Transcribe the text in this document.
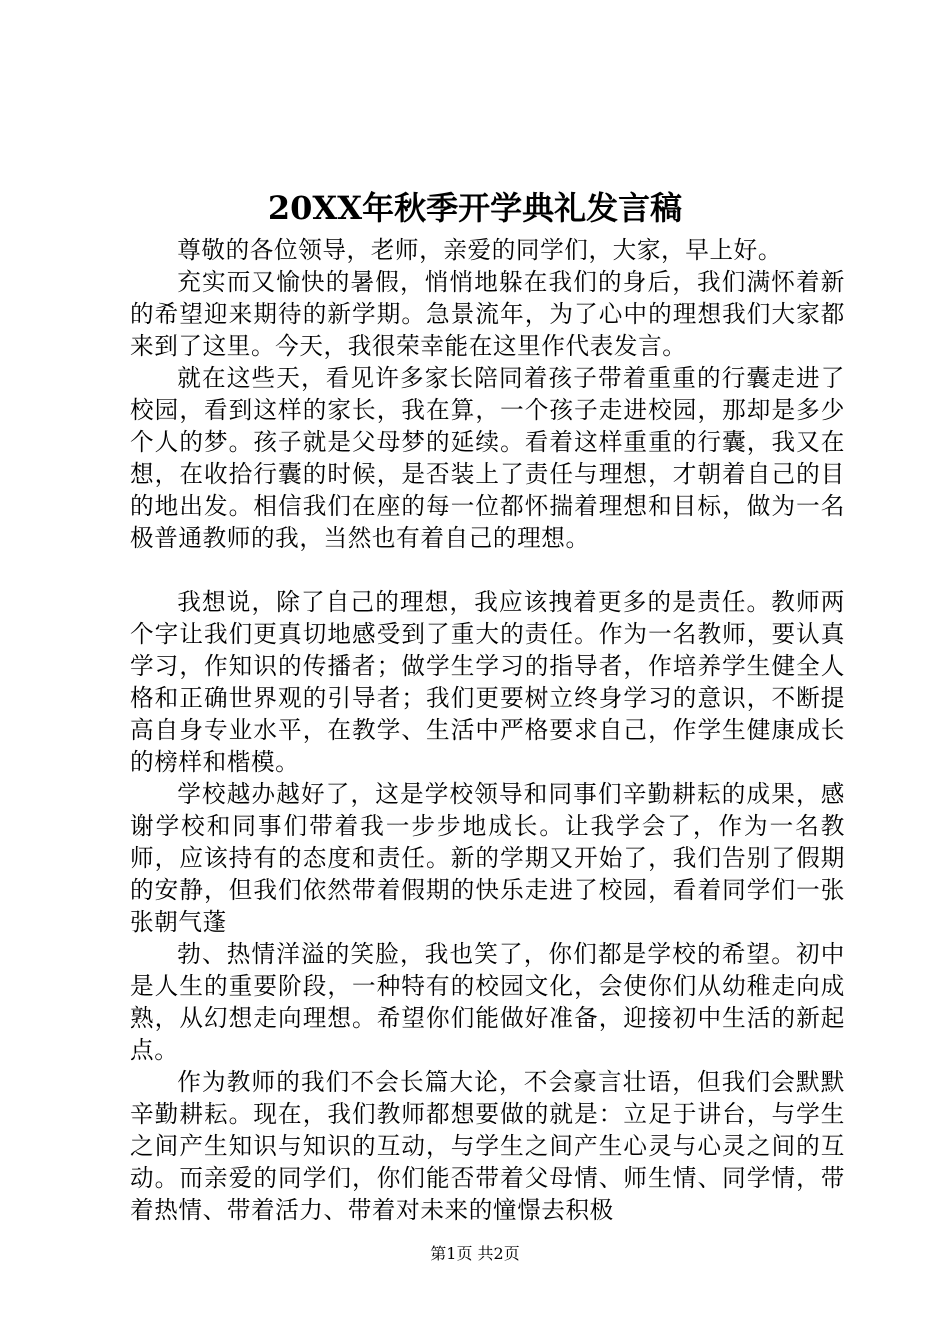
20XX年秋季开学典礼发言稿

尊敬的各位领导，老师，亲爱的同学们，大家，早上好。

充实而又愉快的暑假，悄悄地躲在我们的身后，我们满怀着新的希望迎来期待的新学期。急景流年，为了心中的理想我们大家都来到了这里。今天，我很荣幸能在这里作代表发言。

就在这些天，看见许多家长陪同着孩子带着重重的行囊走进了校园，看到这样的家长，我在算，一个孩子走进校园，那却是多少个人的梦。孩子就是父母梦的延续。看着这样重重的行囊，我又在想，在收拾行囊的时候，是否装上了责任与理想，才朝着自己的目的地出发。相信我们在座的每一位都怀揣着理想和目标，做为一名极普通教师的我，当然也有着自己的理想。

我想说，除了自己的理想，我应该拽着更多的是责任。教师两个字让我们更真切地感受到了重大的责任。作为一名教师，要认真学习，作知识的传播者；做学生学习的指导者，作培养学生健全人格和正确世界观的引导者；我们更要树立终身学习的意识，不断提高自身专业水平，在教学、生活中严格要求自己，作学生健康成长的榜样和楷模。

学校越办越好了，这是学校领导和同事们辛勤耕耘的成果，感谢学校和同事们带着我一步步地成长。让我学会了，作为一名教师，应该持有的态度和责任。新的学期又开始了，我们告别了假期的安静，但我们依然带着假期的快乐走进了校园，看着同学们一张张朝气蓬

勃、热情洋溢的笑脸，我也笑了，你们都是学校的希望。初中是人生的重要阶段，一种特有的校园文化，会使你们从幼稚走向成熟，从幻想走向理想。希望你们能做好准备，迎接初中生活的新起点。

作为教师的我们不会长篇大论，不会豪言壮语，但我们会默默辛勤耕耘。现在，我们教师都想要做的就是：立足于讲台，与学生之间产生知识与知识的互动，与学生之间产生心灵与心灵之间的互动。而亲爱的同学们，你们能否带着父母情、师生情、同学情，带着热情、带着活力、带着对未来的憧憬去积极

第1页 共2页
